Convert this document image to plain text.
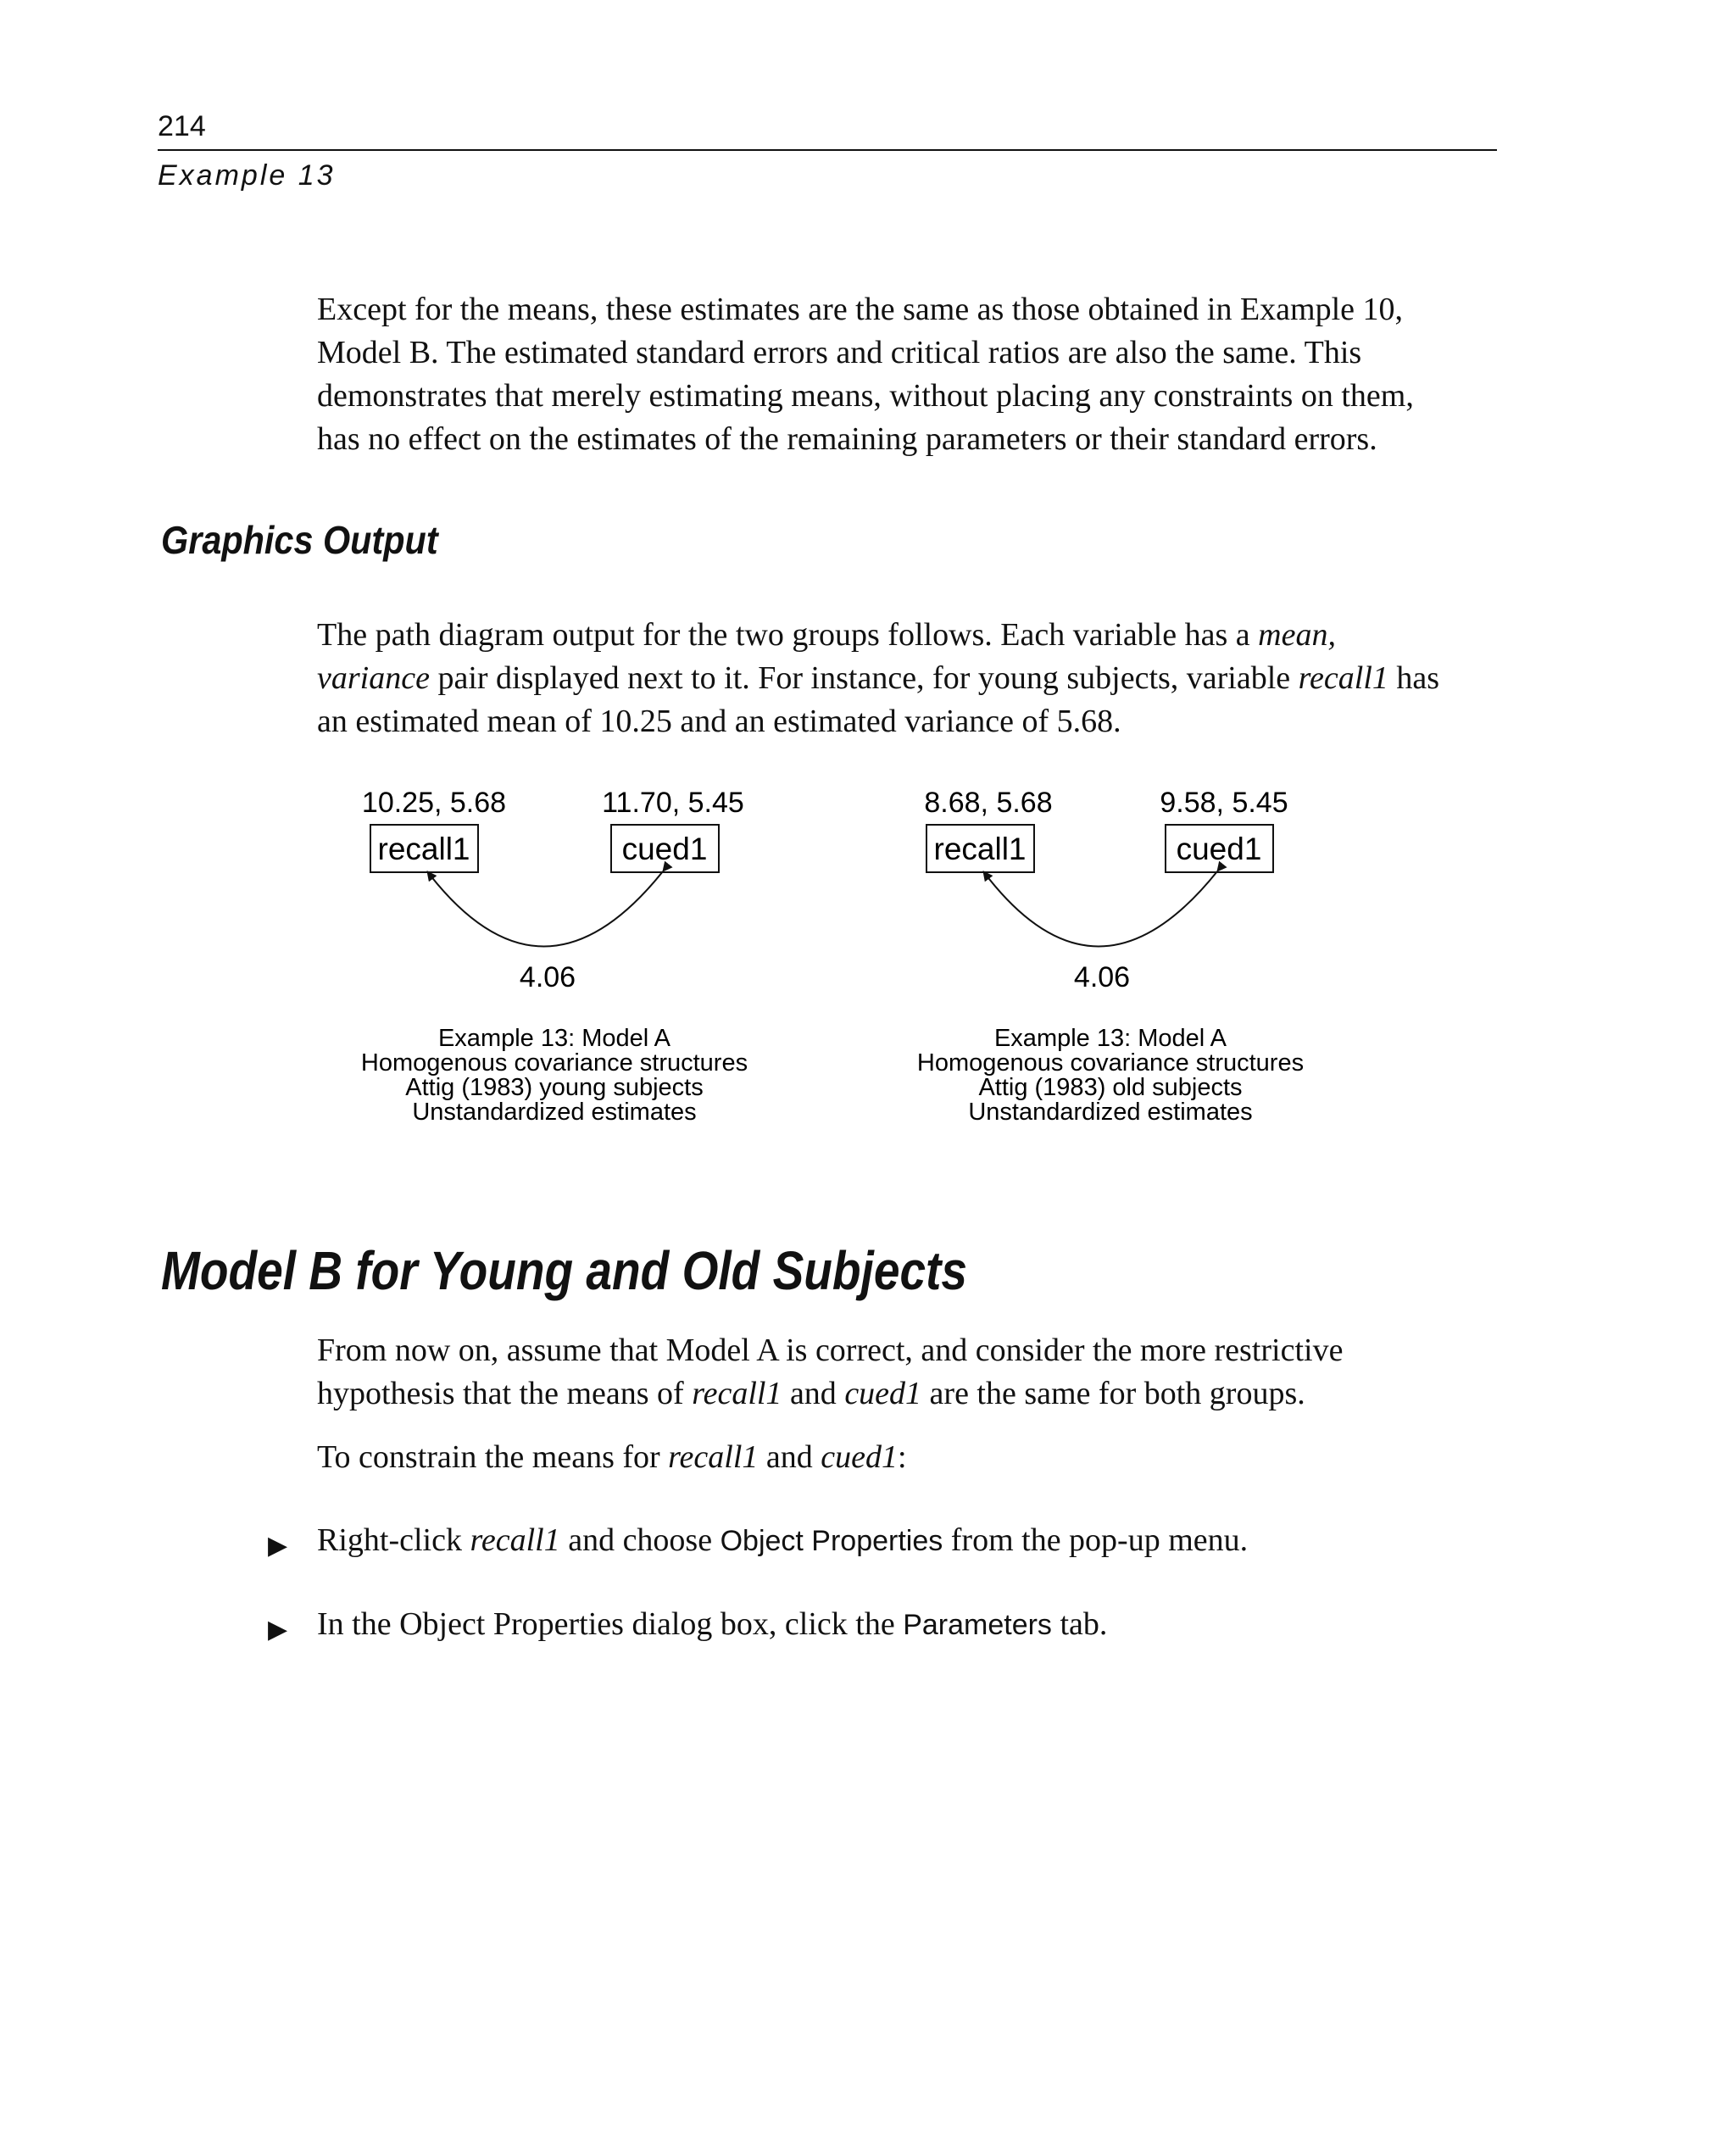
214
Example 13

Except for the means, these estimates are the same as those obtained in Example 10,
Model B. The estimated standard errors and critical ratios are also the same. This
demonstrates that merely estimating means, without placing any constraints on them,
has no effect on the estimates of the remaining parameters or their standard errors.

Graphics Output

The path diagram output for the two groups follows. Each variable has a mean,
variance pair displayed next to it. For instance, for young subjects, variable recall1 has
an estimated mean of 10.25 and an estimated variance of 5.68.

10.25, 5.68	11.70, 5.45
recall1	cued1
4.06
Example 13: Model A
Homogenous covariance structures
Attig (1983) young subjects
Unstandardized estimates
8.68, 5.68	9.58, 5.45
recall1	cued1
4.06
Example 13: Model A
Homogenous covariance structures
Attig (1983) old subjects
Unstandardized estimates
Model B for Young and Old Subjects

From now on, assume that Model A is correct, and consider the more restrictive
hypothesis that the means of recall1 and cued1 are the same for both groups.

To constrain the means for recall1 and cued1:

▶ Right-click recall1 and choose Object Properties from the pop-up menu.

▶ In the Object Properties dialog box, click the Parameters tab.
